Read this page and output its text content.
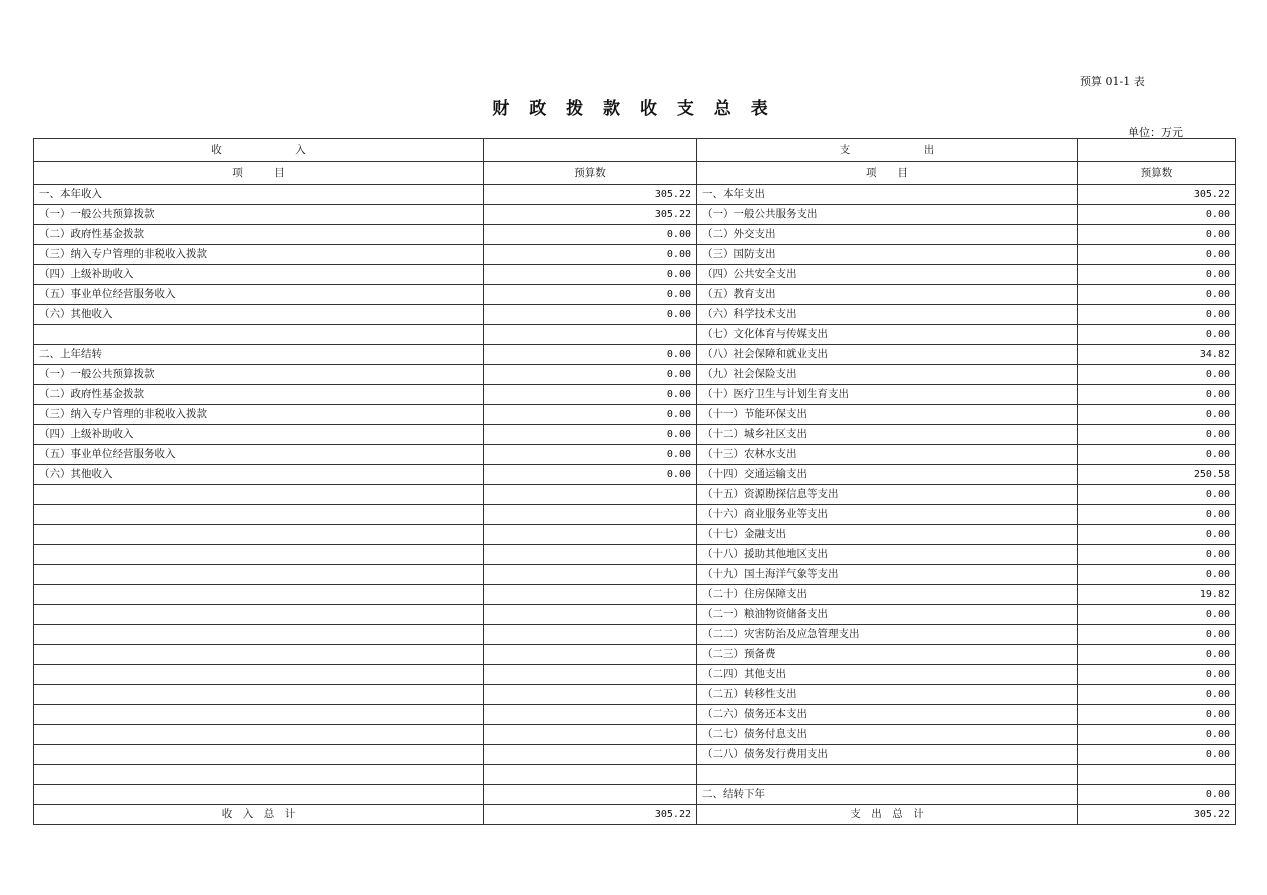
预算 01-1 表
财 政 拨 款 收 支 总 表
单位：万元
收　　　　　　　入		支　　　　　　　出	
项　　　目	预算数	项　　目	预算数
一、本年收入	305.22	一、本年支出	305.22
（一）一般公共预算拨款	305.22	（一）一般公共服务支出	0.00
（二）政府性基金拨款	0.00	（二）外交支出	0.00
（三）纳入专户管理的非税收入拨款	0.00	（三）国防支出	0.00
（四）上级补助收入	0.00	（四）公共安全支出	0.00
（五）事业单位经营服务收入	0.00	（五）教育支出	0.00
（六）其他收入	0.00	（六）科学技术支出	0.00
		（七）文化体育与传媒支出	0.00
二、上年结转	0.00	（八）社会保障和就业支出	34.82
（一）一般公共预算拨款	0.00	（九）社会保险支出	0.00
（二）政府性基金拨款	0.00	（十）医疗卫生与计划生育支出	0.00
（三）纳入专户管理的非税收入拨款	0.00	（十一）节能环保支出	0.00
（四）上级补助收入	0.00	（十二）城乡社区支出	0.00
（五）事业单位经营服务收入	0.00	（十三）农林水支出	0.00
（六）其他收入	0.00	（十四）交通运输支出	250.58
		（十五）资源勘探信息等支出	0.00
		（十六）商业服务业等支出	0.00
		（十七）金融支出	0.00
		（十八）援助其他地区支出	0.00
		（十九）国土海洋气象等支出	0.00
		（二十）住房保障支出	19.82
		（二一）粮油物资储备支出	0.00
		（二二）灾害防治及应急管理支出	0.00
		（二三）预备费	0.00
		（二四）其他支出	0.00
		（二五）转移性支出	0.00
		（二六）债务还本支出	0.00
		（二七）债务付息支出	0.00
		（二八）债务发行费用支出	0.00

		二、结转下年	0.00
收　入　总　计	305.22	支　出　总　计	305.22
